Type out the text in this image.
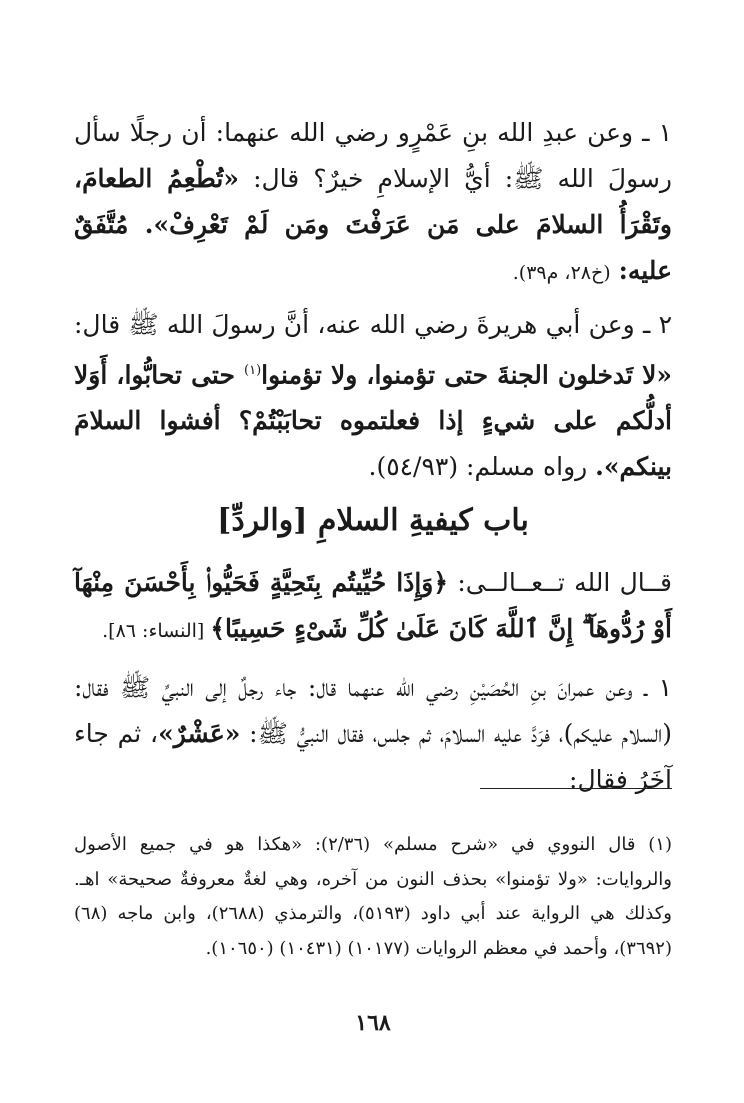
١ ـ وعن عبدِ الله بنِ عَمْرٍو رضي الله عنهما: أن رجلًا سأل رسولَ الله ﷺ: أيُّ الإسلامِ خيرٌ؟ قال: «تُطْعِمُ الطعامَ، وتَقْرَأُ السلامَ على مَن عَرَفْتَ ومَن لَمْ تَعْرِفْ». مُتَّفَقٌ عليه: (خ٢٨، م٣٩).

٢ ـ وعن أبي هريرةَ رضي الله عنه، أنَّ رسولَ الله ﷺ قال: «لا تَدخلون الجنةَ حتى تؤمنوا، ولا تؤمنوا$^{(١)}$ حتى تحابُّوا، أَوَلا أدلُّكم على شيءٍ إذا فعلتموه تحابَبْتُمْ؟ أفشوا السلامَ بينكم». رواه مسلم: (٥٤/٩٣).

باب كيفيةِ السلامِ [والردِّ]

قــال الله تــعــالــى: ﴿وَإِذَا حُيِّيتُم بِتَحِيَّةٍ فَحَيُّوا۟ بِأَحْسَنَ مِنْهَآ أَوْ رُدُّوهَآ ۗ إِنَّ ٱللَّهَ كَانَ عَلَىٰ كُلِّ شَىْءٍ حَسِيبًا﴾ [النساء: ٨٦].

١ ـ وعن عمرانَ بنِ الحُصَيْنِ رضي الله عنهما قال: جاء رجلٌ إلى النبيِّ ﷺ فقال: (السلام عليكم)، فرَدَّ عليه السلامَ، ثم جلس، فقال النبيُّ ﷺ: «عَشْرٌ»، ثم جاء آخَرُ فقال:

(١) قال النووي في «شرح مسلم» (٢/٣٦): «هكذا هو في جميع الأصول والروايات: «ولا تؤمنوا» بحذف النون من آخره، وهي لغةٌ معروفةٌ صحيحة» اهـ. وكذلك هي الرواية عند أبي داود (٥١٩٣)، والترمذي (٢٦٨٨)، وابن ماجه (٦٨) (٣٦٩٢)، وأحمد في معظم الروايات (١٠١٧٧) (١٠٤٣١) (١٠٦٥٠).

١٦٨
